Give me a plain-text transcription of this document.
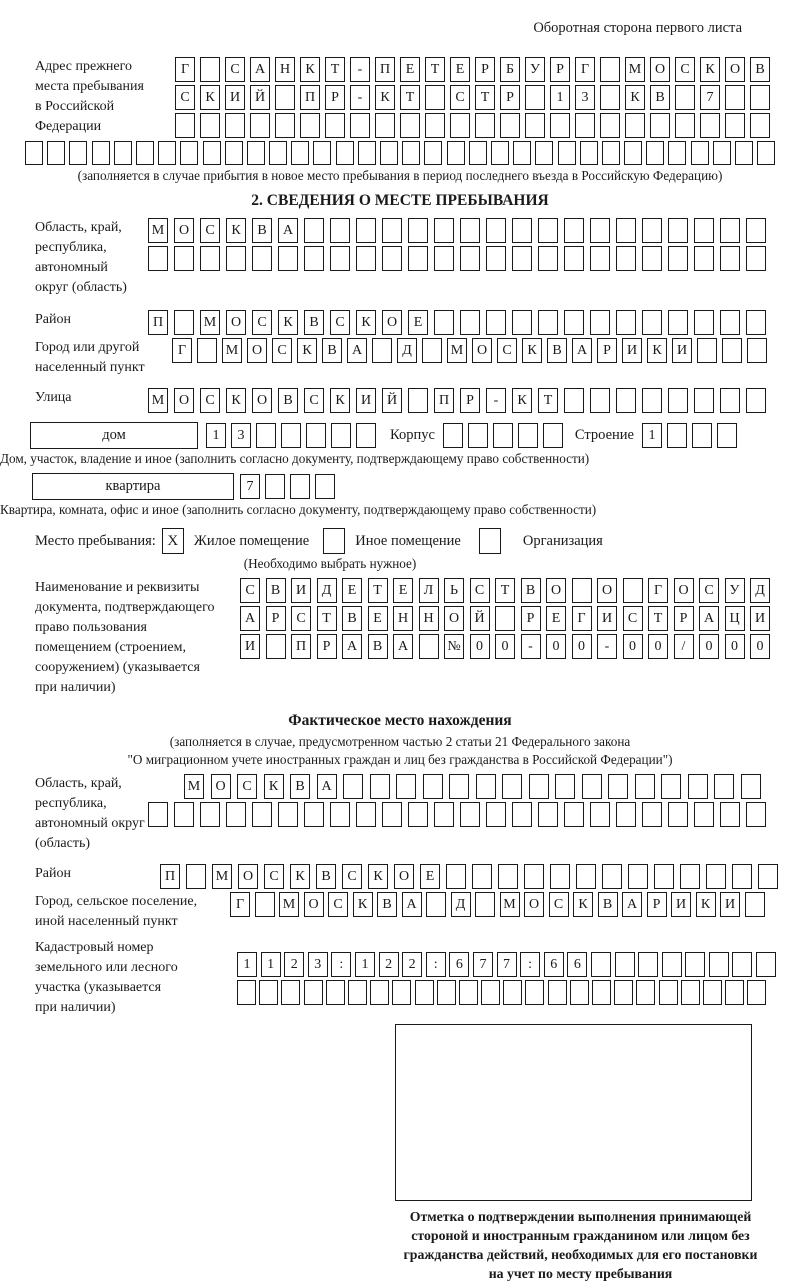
Оборотная сторона первого листа
Адрес прежнего
места пребывания
в Российской
Федерации
Г	С	А	Н	К	Т	-	П	Е	Т	Е	Р	Б	У	Р	Г	М О	С	К	О	В
С	К	И	Й	П	Р	-	К	Т	С	Т	Р	1	3	К	В	7
(заполняется в случае прибытия в новое место пребывания в период последнего въезда в Российскую Федерацию)
2. СВЕДЕНИЯ О МЕСТЕ ПРЕБЫВАНИЯ
Область, край,
республика,
автономный
округ (область)
М	О	С	К	В	А
Район	П	М	О	С	К	В	С	К	О	Е
Город или другой
населенный пункт
Г	М О	С	К	В	А	Д	М О	С	К	В	А	Р	И	К	И
Улица	М	О	С	К	О	В	С	К	И	Й	П	Р	-	К	Т
дом	1	3	Корпус	Строение	1
Дом, участок, владение и иное (заполнить согласно документу, подтверждающему право собственности)
квартира	7
Квартира, комната, офис и иное (заполнить согласно документу, подтверждающему право собственности)
Место пребывания: X	Жилое помещение	Иное помещение	Организация
(Необходимо выбрать нужное)
Наименование и реквизиты
документа, подтверждающего
право пользования
помещением (строением,
сооружением) (указывается
при наличии)
С	В	И	Д	Е	Т	Е	Л	Ь	С	Т	В	О	О	Г	О	С	У	Д
А	Р	С	Т	В	Е	Н	Н	О	Й	Р	Е	Г	И	С	Т	Р	А	Ц	И
И	П	Р	А	В	А	№	0	0	-	0	0	-	0	0	/	0	0	0
Фактическое место нахождения
(заполняется в случае, предусмотренном частью 2 статьи 21 Федерального закона
"О миграционном учете иностранных граждан и лиц без гражданства в Российской Федерации")
Область, край,
республика,
автономный округ
(область)
М	О	С	К	В	А
Район	П	М	О	С	К	В	С	К	О	Е
Город, сельское поселение,
иной населенный пункт
Г	М О	С	К	В	А	Д	М О	С	К	В	А	Р	И	К	И
Кадастровый номер
земельного или лесного
участка (указывается
при наличии)
1	1	2	3	:	1	2	2	:	6	7	7	:	6	6
Отметка о подтверждении выполнения принимающей
стороной и иностранным гражданином или лицом без
гражданства действий, необходимых для его постановки
на учет по месту пребывания
